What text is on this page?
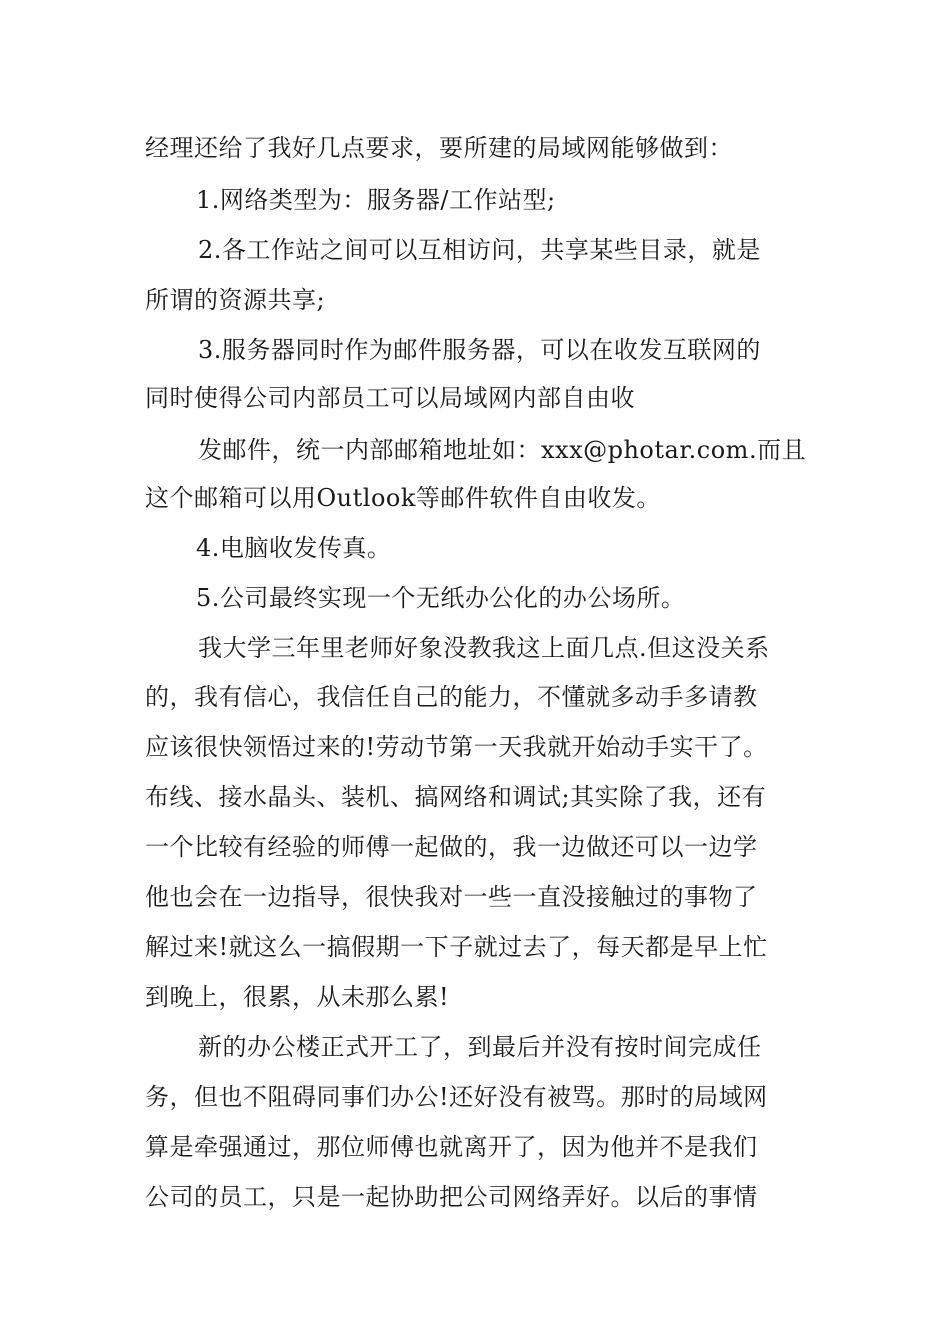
经理还给了我好几点要求，要所建的局域网能够做到：
1.网络类型为：服务器/工作站型;
2.各工作站之间可以互相访问，共享某些目录，就是
所谓的资源共享;
3.服务器同时作为邮件服务器，可以在收发互联网的
同时使得公司内部员工可以局域网内部自由收
发邮件，统一内部邮箱地址如：xxx@photar.com.而且
这个邮箱可以用Outlook等邮件软件自由收发。
4.电脑收发传真。
5.公司最终实现一个无纸办公化的办公场所。
我大学三年里老师好象没教我这上面几点.但这没关系
的，我有信心，我信任自己的能力，不懂就多动手多请教
应该很快领悟过来的!劳动节第一天我就开始动手实干了。
布线、接水晶头、装机、搞网络和调试;其实除了我，还有
一个比较有经验的师傅一起做的，我一边做还可以一边学
他也会在一边指导，很快我对一些一直没接触过的事物了
解过来!就这么一搞假期一下子就过去了，每天都是早上忙
到晚上，很累，从未那么累!
新的办公楼正式开工了，到最后并没有按时间完成任
务，但也不阻碍同事们办公!还好没有被骂。那时的局域网
算是牵强通过，那位师傅也就离开了，因为他并不是我们
公司的员工，只是一起协助把公司网络弄好。以后的事情
